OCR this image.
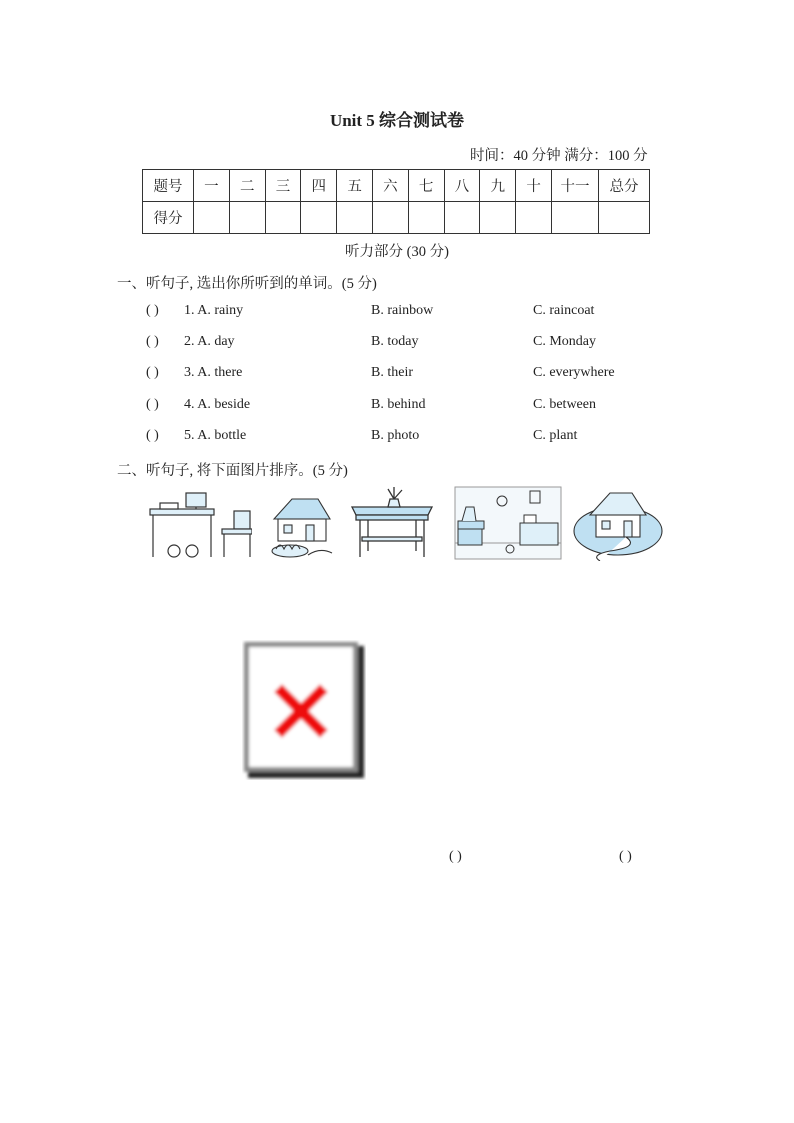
Unit 5 综合测试卷
时间：40 分钟 满分：100 分
题号	一	二	三	四	五	六	七	八	九	十	十一	总分
得分												
听力部分 (30 分)
一、听句子, 选出你所听到的单词。(5 分)
( ) 1. A. rainy	B. rainbow	C. raincoat
( ) 2. A. day	B. today	C. Monday
( ) 3. A. there	B. their	C. everywhere
( ) 4. A. beside	B. behind	C. between
( ) 5. A. bottle	B. photo	C. plant
二、听句子, 将下面图片排序。(5 分)
( )	( )
